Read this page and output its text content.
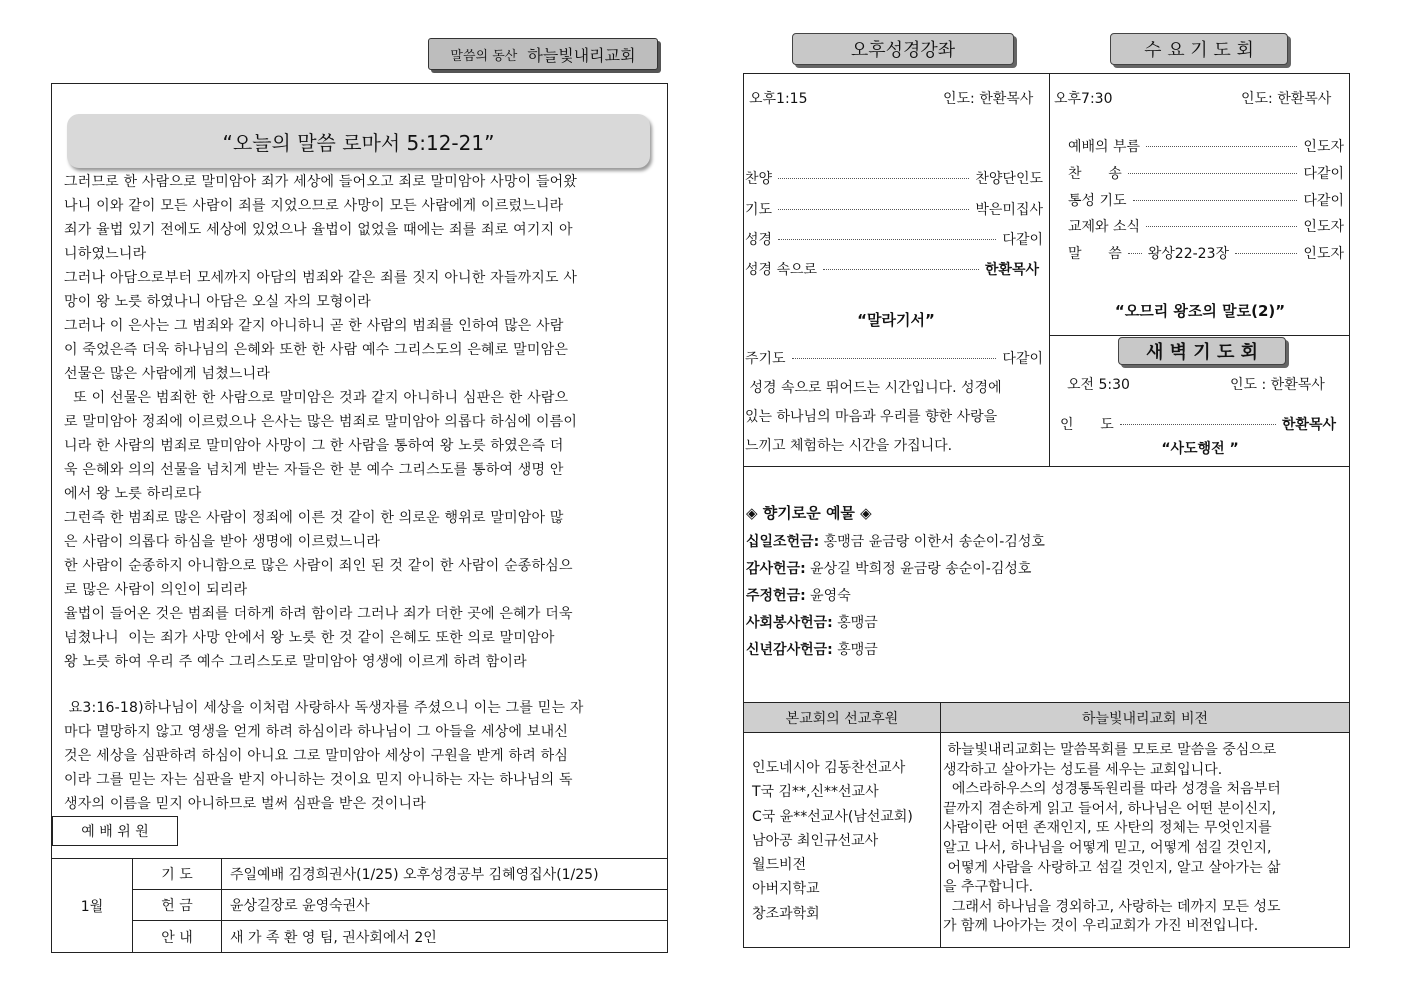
말씀의 동산 하늘빛내리교회
“오늘의 말씀 로마서 5:12-21”

그러므로 한 사람으로 말미암아 죄가 세상에 들어오고 죄로 말미암아 사망이 들어왔

나니 이와 같이 모든 사람이 죄를 지었으므로 사망이 모든 사람에게 이르렀느니라

죄가 율법 있기 전에도 세상에 있었으나 율법이 없었을 때에는 죄를 죄로 여기지 아

니하였느니라

그러나 아담으로부터 모세까지 아담의 범죄와 같은 죄를 짓지 아니한 자들까지도 사

망이 왕 노릇 하였나니 아담은 오실 자의 모형이라

그러나 이 은사는 그 범죄와 같지 아니하니 곧 한 사람의 범죄를 인하여 많은 사람

이 죽었은즉 더욱 하나님의 은혜와 또한 한 사람 예수 그리스도의 은혜로 말미암은

선물은 많은 사람에게 넘쳤느니라

또 이 선물은 범죄한 한 사람으로 말미암은 것과 같지 아니하니 심판은 한 사람으

로 말미암아 정죄에 이르렀으나 은사는 많은 범죄로 말미암아 의롭다 하심에 이름이

니라 한 사람의 범죄로 말미암아 사망이 그 한 사람을 통하여 왕 노릇 하였은즉 더

욱 은혜와 의의 선물을 넘치게 받는 자들은 한 분 예수 그리스도를 통하여 생명 안

에서 왕 노릇 하리로다

그런즉 한 범죄로 많은 사람이 정죄에 이른 것 같이 한 의로운 행위로 말미암아 많

은 사람이 의롭다 하심을 받아 생명에 이르렀느니라

한 사람이 순종하지 아니함으로 많은 사람이 죄인 된 것 같이 한 사람이 순종하심으

로 많은 사람이 의인이 되리라

율법이 들어온 것은 범죄를 더하게 하려 함이라 그러나 죄가 더한 곳에 은혜가 더욱

넘쳤나니  이는 죄가 사망 안에서 왕 노릇 한 것 같이 은혜도 또한 의로 말미암아

왕 노릇 하여 우리 주 예수 그리스도로 말미암아 영생에 이르게 하려 함이라

요3:16-18)하나님이 세상을 이처럼 사랑하사 독생자를 주셨으니 이는 그를 믿는 자

마다 멸망하지 않고 영생을 얻게 하려 하심이라 하나님이 그 아들을 세상에 보내신

것은 세상을 심판하려 하심이 아니요 그로 말미암아 세상이 구원을 받게 하려 하심

이라 그를 믿는 자는 심판을 받지 아니하는 것이요 믿지 아니하는 자는 하나님의 독

생자의 이름을 믿지 아니하므로 벌써 심판을 받은 것이니라

예 배 위 원
1월
기 도	주일예배 김경희권사(1/25) 오후성경공부 김혜영집사(1/25)
헌 금	윤상길장로 윤영숙권사
안 내	새 가 족 환 영 팀, 권사회에서 2인
오후성경강좌	수 요 기 도 회
오후1:15	인도: 한환목사
찬양	찬양단인도
기도	박은미집사
성경	다같이
성경 속으로	한환목사
“말라기서”
주기도	다같이
성경 속으로 뛰어드는 시간입니다. 성경에
있는 하나님의 마음과 우리를 향한 사랑을
느끼고 체험하는 시간을 가집니다.
오후7:30	인도: 한환목사
예배의 부름	인도자
찬      송	다같이
통성 기도	다같이
교제와 소식	인도자
말      씀 왕상22-23장	인도자
“오므리 왕조의 말로(2)”
새 벽 기 도 회
오전 5:30	인도 : 한환목사
인      도	한환목사
“사도행전 ”
◈ 향기로운 예물 ◈
십일조헌금: 홍맹금 윤금랑 이한서 송순이-김성호
감사헌금: 윤상길 박희정 윤금랑 송순이-김성호
주정헌금: 윤영숙
사회봉사헌금: 홍맹금
신년감사헌금: 홍맹금
본교회의 선교후원	하늘빛내리교회 비전
인도네시아 김동찬선교사
T국 김**,신**선교사
C국 윤**선교사(남선교회)
남아공 최인규선교사
월드비전
아버지학교
창조과학회
하늘빛내리교회는 말씀목회를 모토로 말씀을 중심으로
생각하고 살아가는 성도를 세우는 교회입니다.
에스라하우스의 성경통독원리를 따라 성경을 처음부터
끝까지 겸손하게 읽고 들어서, 하나님은 어떤 분이신지,
사람이란 어떤 존재인지, 또 사탄의 정체는 무엇인지를
알고 나서, 하나님을 어떻게 믿고, 어떻게 섬길 것인지,
어떻게 사람을 사랑하고 섬길 것인지, 알고 살아가는 삶
을 추구합니다.
그래서 하나님을 경외하고, 사랑하는 데까지 모든 성도
가 함께 나아가는 것이 우리교회가 가진 비전입니다.
